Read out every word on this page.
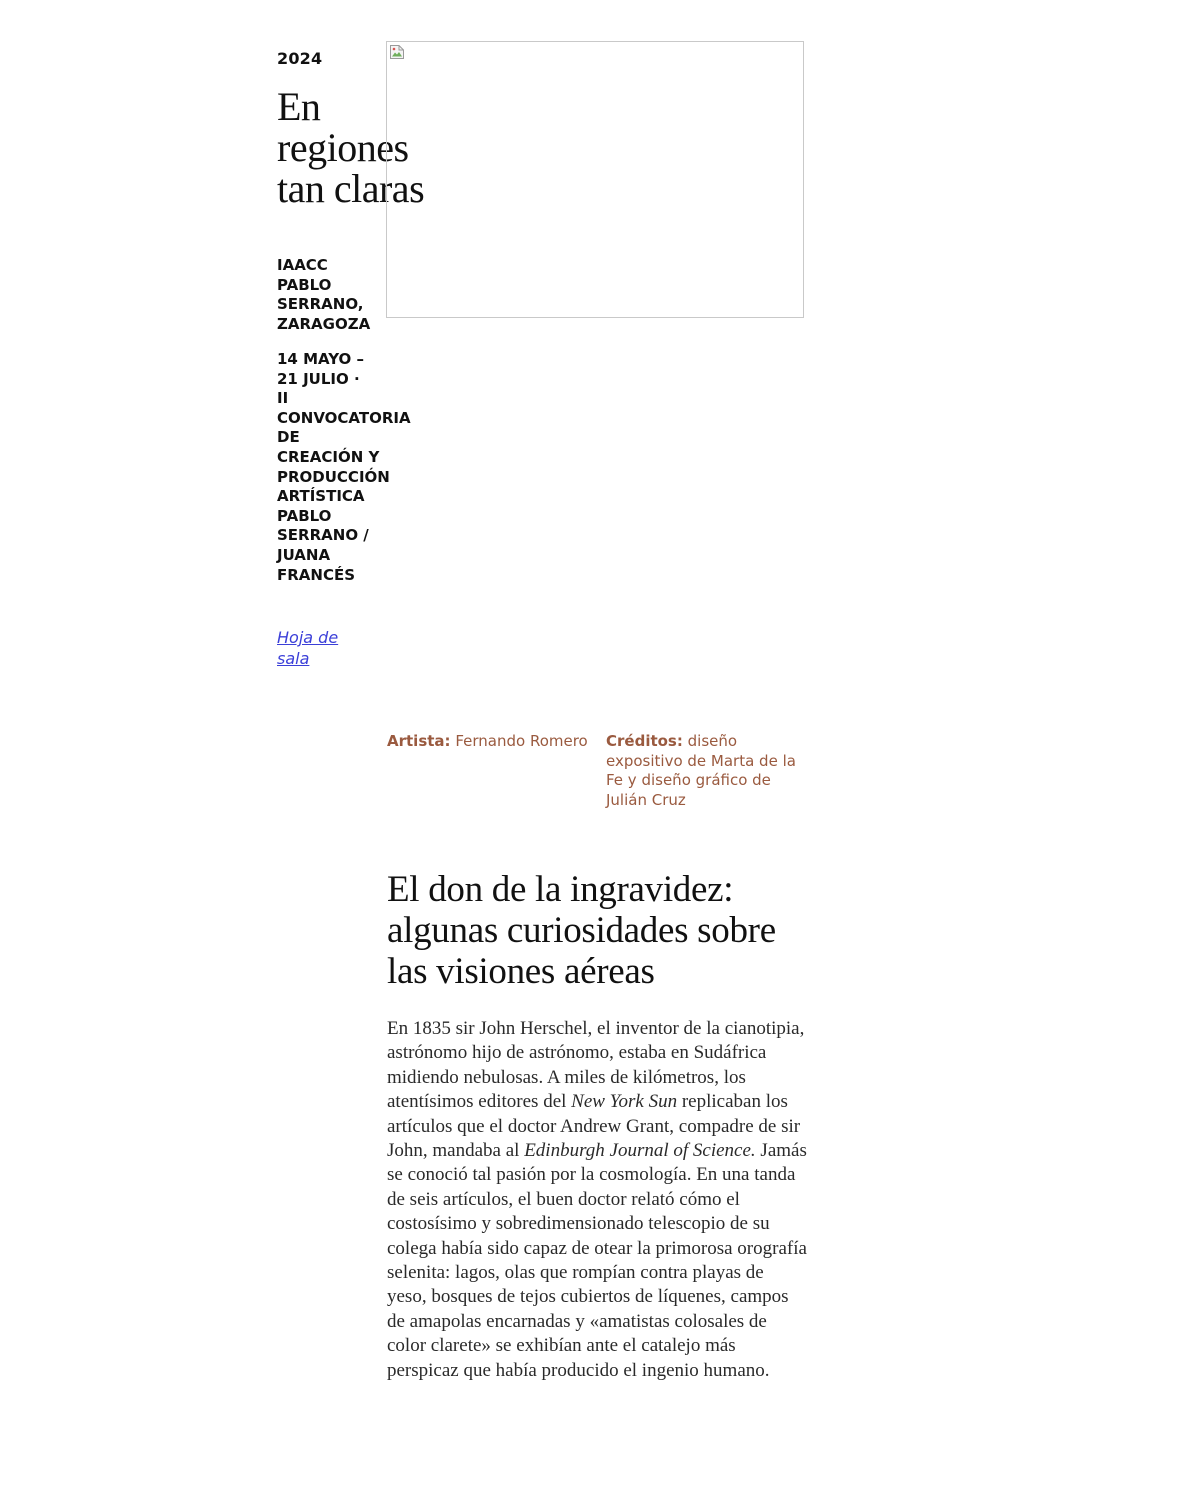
2024
En regiones tan claras
IAACC PABLO SERRANO, ZARAGOZA
14 MAYO – 21 JULIO ·
II CONVOCATORIA DE CREACIÓN Y PRODUCCIÓN ARTÍSTICA PABLO SERRANO / JUANA FRANCÉS
Hoja de sala
Artista: Fernando Romero	Créditos: diseño expositivo de Marta de la Fe y diseño gráfico de Julián Cruz
El don de la ingravidez: algunas curiosidades sobre las visiones aéreas

En 1835 sir John Herschel, el inventor de la cianotipia, astrónomo hijo de astrónomo, estaba en Sudáfrica midiendo nebulosas. A miles de kilómetros, los atentísimos editores del New York Sun replicaban los artículos que el doctor Andrew Grant, compadre de sir John, mandaba al Edinburgh Journal of Science. Jamás se conoció tal pasión por la cosmología. En una tanda de seis artículos, el buen doctor relató cómo el costosísimo y sobredimensionado telescopio de su colega había sido capaz de otear la primorosa orografía selenita: lagos, olas que rompían contra playas de yeso, bosques de tejos cubiertos de líquenes, campos de amapolas encarnadas y «amatistas colosales de color clarete» se exhibían ante el catalejo más perspicaz que había producido el ingenio humano.
